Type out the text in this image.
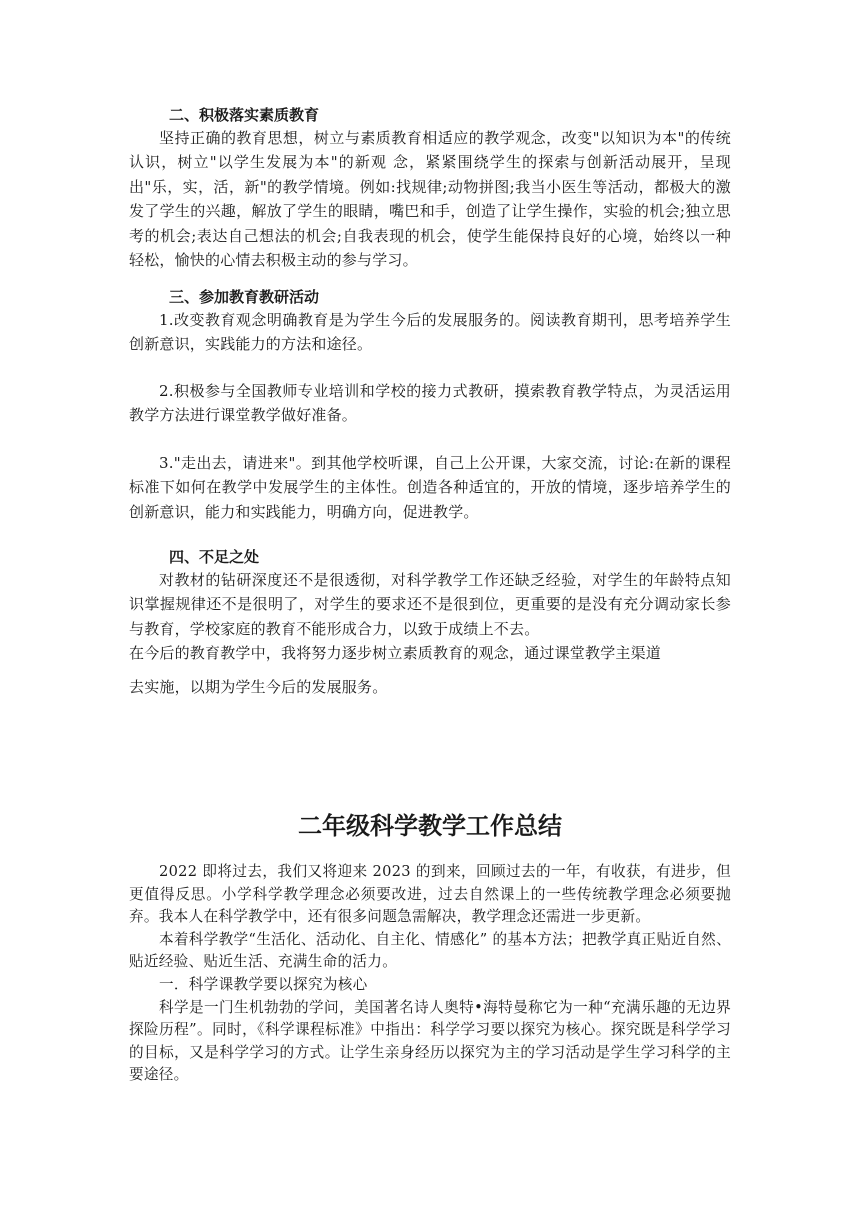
二、积极落实素质教育

坚持正确的教育思想，树立与素质教育相适应的教学观念，改变"以知识为本"的传统认识，树立"以学生发展为本"的新观 念，紧紧围绕学生的探索与创新活动展开，呈现出"乐，实，活，新"的教学情境。例如:找规律;动物拼图;我当小医生等活动，都极大的激发了学生的兴趣，解放了学生的眼睛，嘴巴和手，创造了让学生操作，实验的机会;独立思考的机会;表达自己想法的机会;自我表现的机会，使学生能保持良好的心境，始终以一种轻松，愉快的心情去积极主动的参与学习。

三、参加教育教研活动

1.改变教育观念明确教育是为学生今后的发展服务的。阅读教育期刊，思考培养学生创新意识，实践能力的方法和途径。

2.积极参与全国教师专业培训和学校的接力式教研，摸索教育教学特点，为灵活运用教学方法进行课堂教学做好准备。

3."走出去，请进来"。到其他学校听课，自己上公开课，大家交流，讨论:在新的课程标准下如何在教学中发展学生的主体性。创造各种适宜的，开放的情境，逐步培养学生的创新意识，能力和实践能力，明确方向，促进教学。

四、不足之处

对教材的钻研深度还不是很透彻，对科学教学工作还缺乏经验，对学生的年龄特点知识掌握规律还不是很明了，对学生的要求还不是很到位，更重要的是没有充分调动家长参与教育，学校家庭的教育不能形成合力，以致于成绩上不去。

在今后的教育教学中，我将努力逐步树立素质教育的观念，通过课堂教学主渠道

去实施，以期为学生今后的发展服务。

二年级科学教学工作总结

2022 即将过去，我们又将迎来 2023 的到来，回顾过去的一年，有收获，有进步，但更值得反思。小学科学教学理念必须要改进，过去自然课上的一些传统教学理念必须要抛弃。我本人在科学教学中，还有很多问题急需解决，教学理念还需进一步更新。

本着科学教学“生活化、活动化、自主化、情感化” 的基本方法；把教学真正贴近自然、贴近经验、贴近生活、充满生命的活力。

一．科学课教学要以探究为核心

科学是一门生机勃勃的学问，美国著名诗人奥特•海特曼称它为一种“充满乐趣的无边界探险历程”。同时，《科学课程标准》中指出：科学学习要以探究为核心。探究既是科学学习的目标，又是科学学习的方式。让学生亲身经历以探究为主的学习活动是学生学习科学的主要途径。
